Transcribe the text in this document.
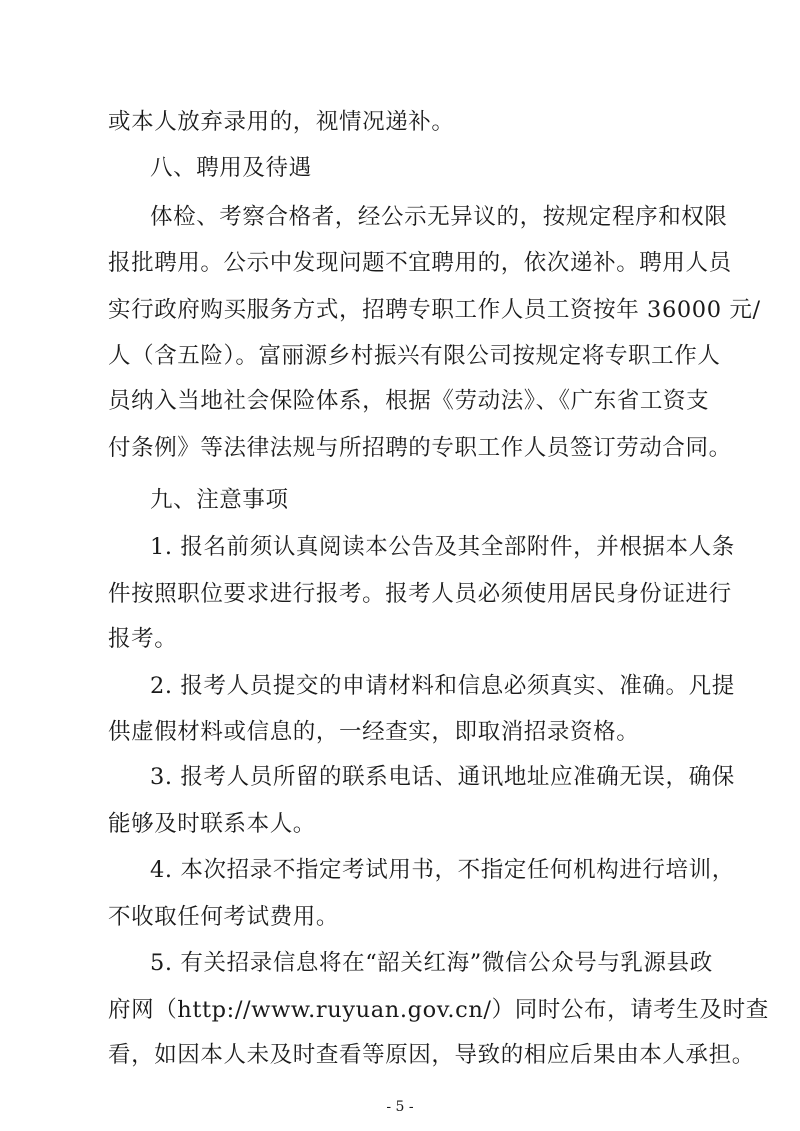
或本人放弃录用的，视情况递补。
八、聘用及待遇
体检、考察合格者，经公示无异议的，按规定程序和权限
报批聘用。公示中发现问题不宜聘用的，依次递补。聘用人员
实行政府购买服务方式，招聘专职工作人员工资按年 36000 元/
人（含五险）。富丽源乡村振兴有限公司按规定将专职工作人
员纳入当地社会保险体系，根据《劳动法》、《广东省工资支
付条例》等法律法规与所招聘的专职工作人员签订劳动合同。
九、注意事项
1. 报名前须认真阅读本公告及其全部附件，并根据本人条
件按照职位要求进行报考。报考人员必须使用居民身份证进行
报考。
2. 报考人员提交的申请材料和信息必须真实、准确。凡提
供虚假材料或信息的，一经查实，即取消招录资格。
3. 报考人员所留的联系电话、通讯地址应准确无误，确保
能够及时联系本人。
4. 本次招录不指定考试用书，不指定任何机构进行培训，
不收取任何考试费用。
5. 有关招录信息将在“韶关红海”微信公众号与乳源县政
府网（http://www.ruyuan.gov.cn/）同时公布，请考生及时查
看，如因本人未及时查看等原因，导致的相应后果由本人承担。
- 5 -
